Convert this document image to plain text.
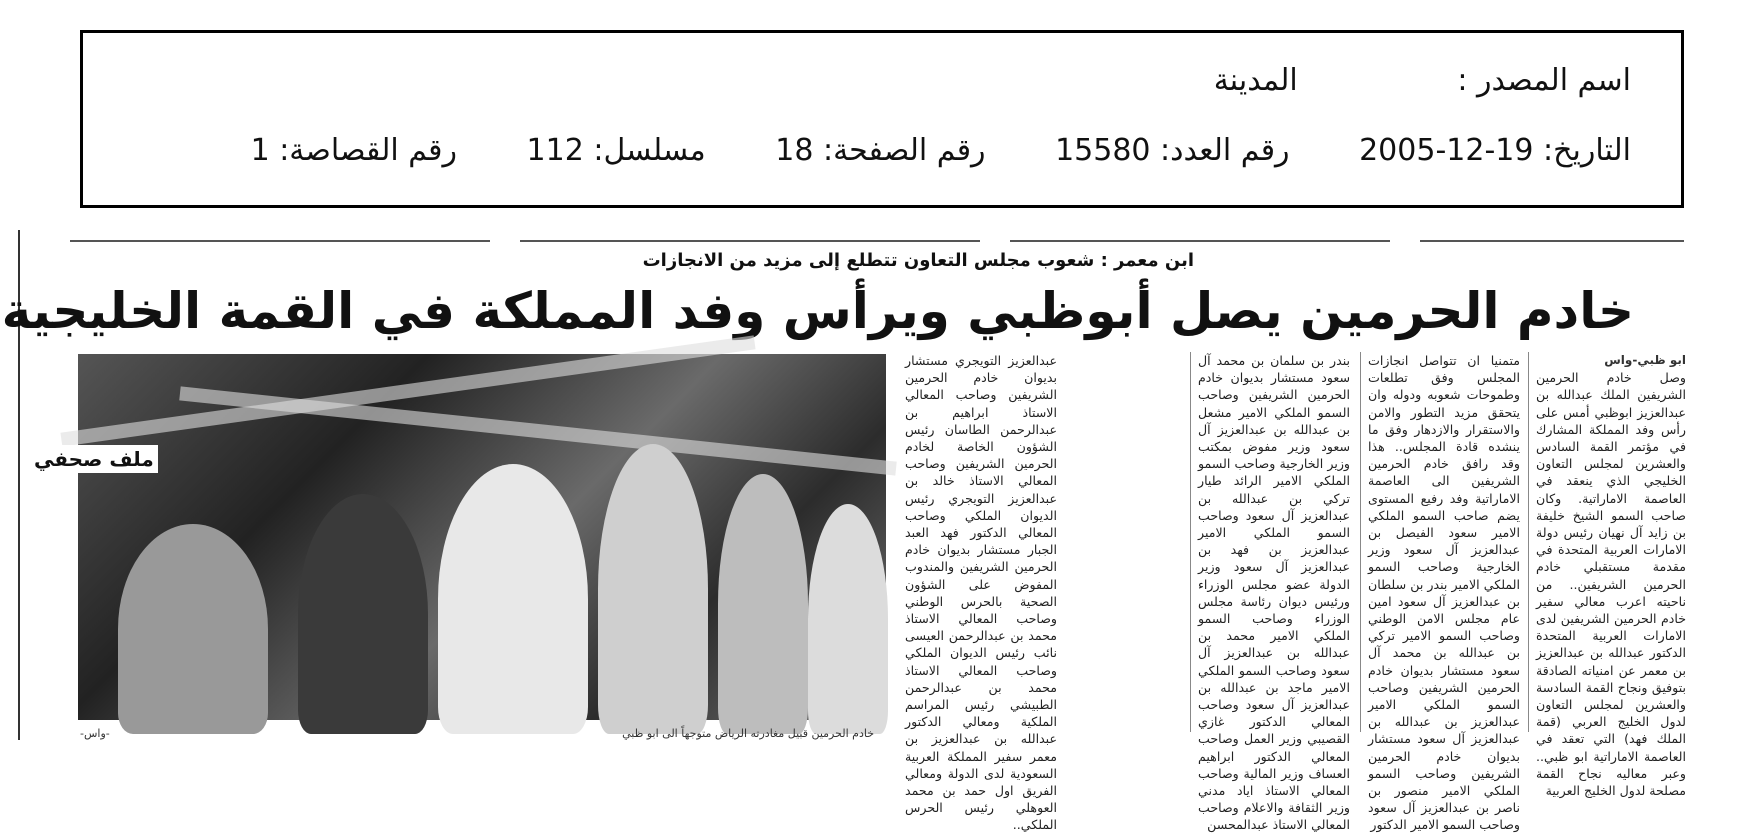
اسم المصدر : المدينة
التاريخ: 19-12-2005 رقم العدد: 15580 رقم الصفحة: 18 مسلسل: 112 رقم القصاصة: 1
ابن معمر : شعوب مجلس التعاون تتطلع إلى مزيد من الانجازات
خادم الحرمين يصل أبوظبي ويرأس وفد المملكة في القمة الخليجية

ابو ظبي-واس

وصل خادم الحرمين الشريفين الملك عبدالله بن عبدالعزيز ابوظبي أمس على رأس وفد المملكة المشارك في مؤتمر القمة السادس والعشرين لمجلس التعاون الخليجي الذي ينعقد في العاصمة الاماراتية. وكان صاحب السمو الشيخ خليفة بن زايد آل نهيان رئيس دولة الامارات العربية المتحدة في مقدمة مستقبلي خادم الحرمين الشريفين.. من ناحيته اعرب معالي سفير خادم الحرمين الشريفين لدى الامارات العربية المتحدة الدكتور عبدالله بن عبدالعزيز بن معمر عن امنياته الصادقة بتوفيق ونجاح القمة السادسة والعشرين لمجلس التعاون لدول الخليج العربي (قمة الملك فهد) التي تعقد في العاصمة الاماراتية ابو ظبي.. وعبر معاليه نجاح القمة مصلحة لدول الخليج العربية

متمنيا ان تتواصل انجازات المجلس وفق تطلعات وطموحات شعوبه ودوله وان يتحقق مزيد التطور والامن والاستقرار والازدهار وفق ما ينشده قادة المجلس.. هذا وقد رافق خادم الحرمين الشريفين الى العاصمة الاماراتية وفد رفيع المستوى يضم صاحب السمو الملكي الامير سعود الفيصل بن عبدالعزيز آل سعود وزير الخارجية وصاحب السمو الملكي الامير بندر بن سلطان بن عبدالعزيز آل سعود امين عام مجلس الامن الوطني وصاحب السمو الامير تركي بن عبدالله بن محمد آل سعود مستشار بديوان خادم الحرمين الشريفين وصاحب السمو الملكي الامير عبدالعزيز بن عبدالله بن عبدالعزيز آل سعود مستشار بديوان خادم الحرمين الشريفين وصاحب السمو الملكي الامير منصور بن ناصر بن عبدالعزيز آل سعود وصاحب السمو الامير الدكتور

بندر بن سلمان بن محمد آل سعود مستشار بديوان خادم الحرمين الشريفين وصاحب السمو الملكي الامير مشعل بن عبدالله بن عبدالعزيز آل سعود وزير مفوض بمكتب وزير الخارجية وصاحب السمو الملكي الامير الرائد طيار تركي بن عبدالله بن عبدالعزيز آل سعود وصاحب السمو الملكي الامير عبدالعزيز بن فهد بن عبدالعزيز آل سعود وزير الدولة عضو مجلس الوزراء ورئيس ديوان رئاسة مجلس الوزراء وصاحب السمو الملكي الامير محمد بن عبدالله بن عبدالعزيز آل سعود وصاحب السمو الملكي الامير ماجد بن عبدالله بن عبدالعزيز آل سعود وصاحب المعالي الدكتور غازي القصيبي وزير العمل وصاحب المعالي الدكتور ابراهيم العساف وزير المالية وصاحب المعالي الاستاذ اياد مدني وزير الثقافة والاعلام وصاحب المعالي الاستاذ عبدالمحسن

عبدالعزيز التويجري مستشار بديوان خادم الحرمين الشريفين وصاحب المعالي الاستاذ ابراهيم بن عبدالرحمن الطاسان رئيس الشؤون الخاصة لخادم الحرمين الشريفين وصاحب المعالي الاستاذ خالد بن عبدالعزيز التويجري رئيس الديوان الملكي وصاحب المعالي الدكتور فهد العبد الجبار مستشار بديوان خادم الحرمين الشريفين والمندوب المفوض على الشؤون الصحية بالحرس الوطني وصاحب المعالي الاستاذ محمد بن عبدالرحمن العيسى نائب رئيس الديوان الملكي وصاحب المعالي الاستاذ محمد بن عبدالرحمن الطبيشي رئيس المراسم الملكية ومعالي الدكتور عبدالله بن عبدالعزيز بن معمر سفير المملكة العربية السعودية لدى الدولة ومعالي الفريق اول حمد بن محمد العوهلي رئيس الحرس الملكي..

ملف صحفي
خادم الحرمين قبيل مغادرته الرياض متوجهاً الى ابو ظبي
-واس-
